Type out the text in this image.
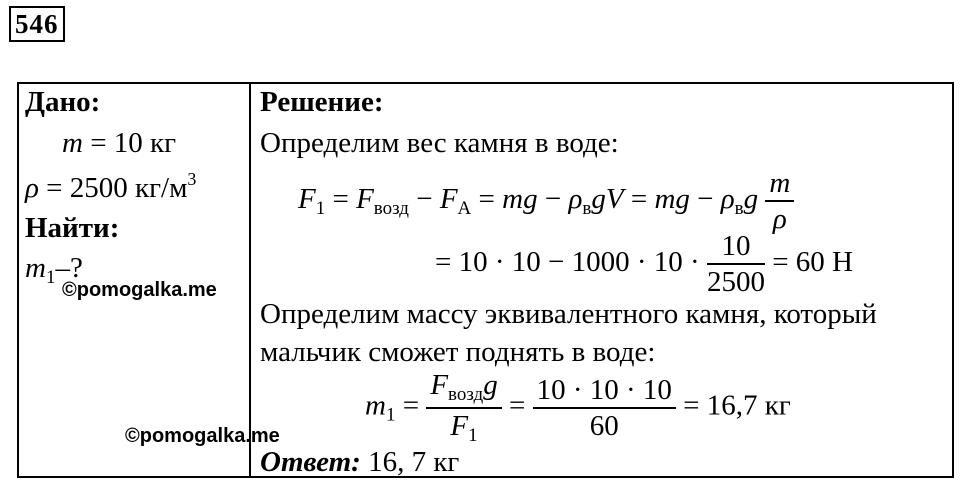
546
Дано:
m = 10 кг
ρ = 2500 $кг/м^3$
Найти:
$m_1-$?
©pomogalka.me
Решение:
Определим вес камня в воде:
$F_1 = F_{возд} - F_А$ = mg − $\rho_вgV$ = mg − $\rho_вg \frac{m}{\rho}$
= $10 \cdot 10 - 1000 \cdot 10 \cdot \frac{10}{2500} = 60$ Н
Определим массу эквивалентного камня, который
мальчик сможет поднять в воде:
$m_1 = \frac{F_{возд}g}{F_1} = \frac{10 \cdot 10 \cdot 10}{60} = 16,7$ кг
©pomogalka.me
Ответ: 16, 7 кг
